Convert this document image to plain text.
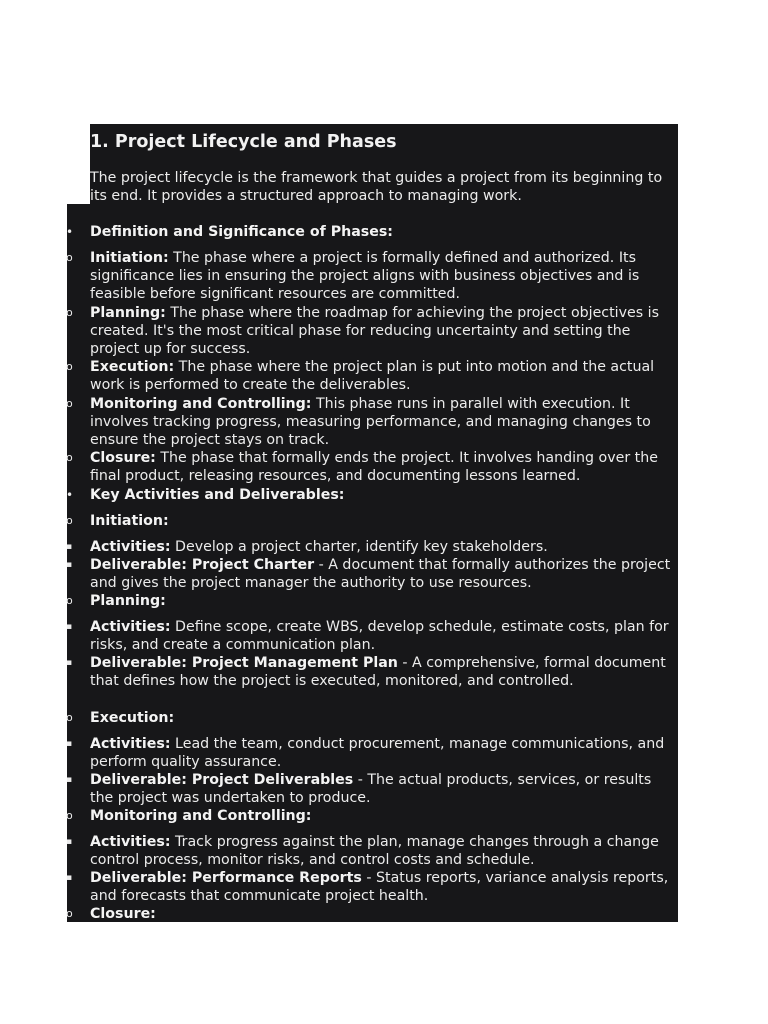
1. Project Lifecycle and Phases

The project lifecycle is the framework that guides a project from its beginning to its end. It provides a structured approach to managing work.

•	Definition and Significance of Phases:
o	Initiation: The phase where a project is formally defined and authorized. Its significance lies in ensuring the project aligns with business objectives and is feasible before significant resources are committed.
o	Planning: The phase where the roadmap for achieving the project objectives is created. It's the most critical phase for reducing uncertainty and setting the project up for success.
o	Execution: The phase where the project plan is put into motion and the actual work is performed to create the deliverables.
o	Monitoring and Controlling: This phase runs in parallel with execution. It involves tracking progress, measuring performance, and managing changes to ensure the project stays on track.
o	Closure: The phase that formally ends the project. It involves handing over the final product, releasing resources, and documenting lessons learned.
•	Key Activities and Deliverables:
o	Initiation:
▪	Activities: Develop a project charter, identify key stakeholders.
▪	Deliverable: Project Charter - A document that formally authorizes the project and gives the project manager the authority to use resources.
o	Planning:
▪	Activities: Define scope, create WBS, develop schedule, estimate costs, plan for risks, and create a communication plan.
▪	Deliverable: Project Management Plan - A comprehensive, formal document that defines how the project is executed, monitored, and controlled.
o	Execution:
▪	Activities: Lead the team, conduct procurement, manage communications, and perform quality assurance.
▪	Deliverable: Project Deliverables - The actual products, services, or results the project was undertaken to produce.
o	Monitoring and Controlling:
▪	Activities: Track progress against the plan, manage changes through a change control process, monitor risks, and control costs and schedule.
▪	Deliverable: Performance Reports - Status reports, variance analysis reports, and forecasts that communicate project health.
o	Closure:
